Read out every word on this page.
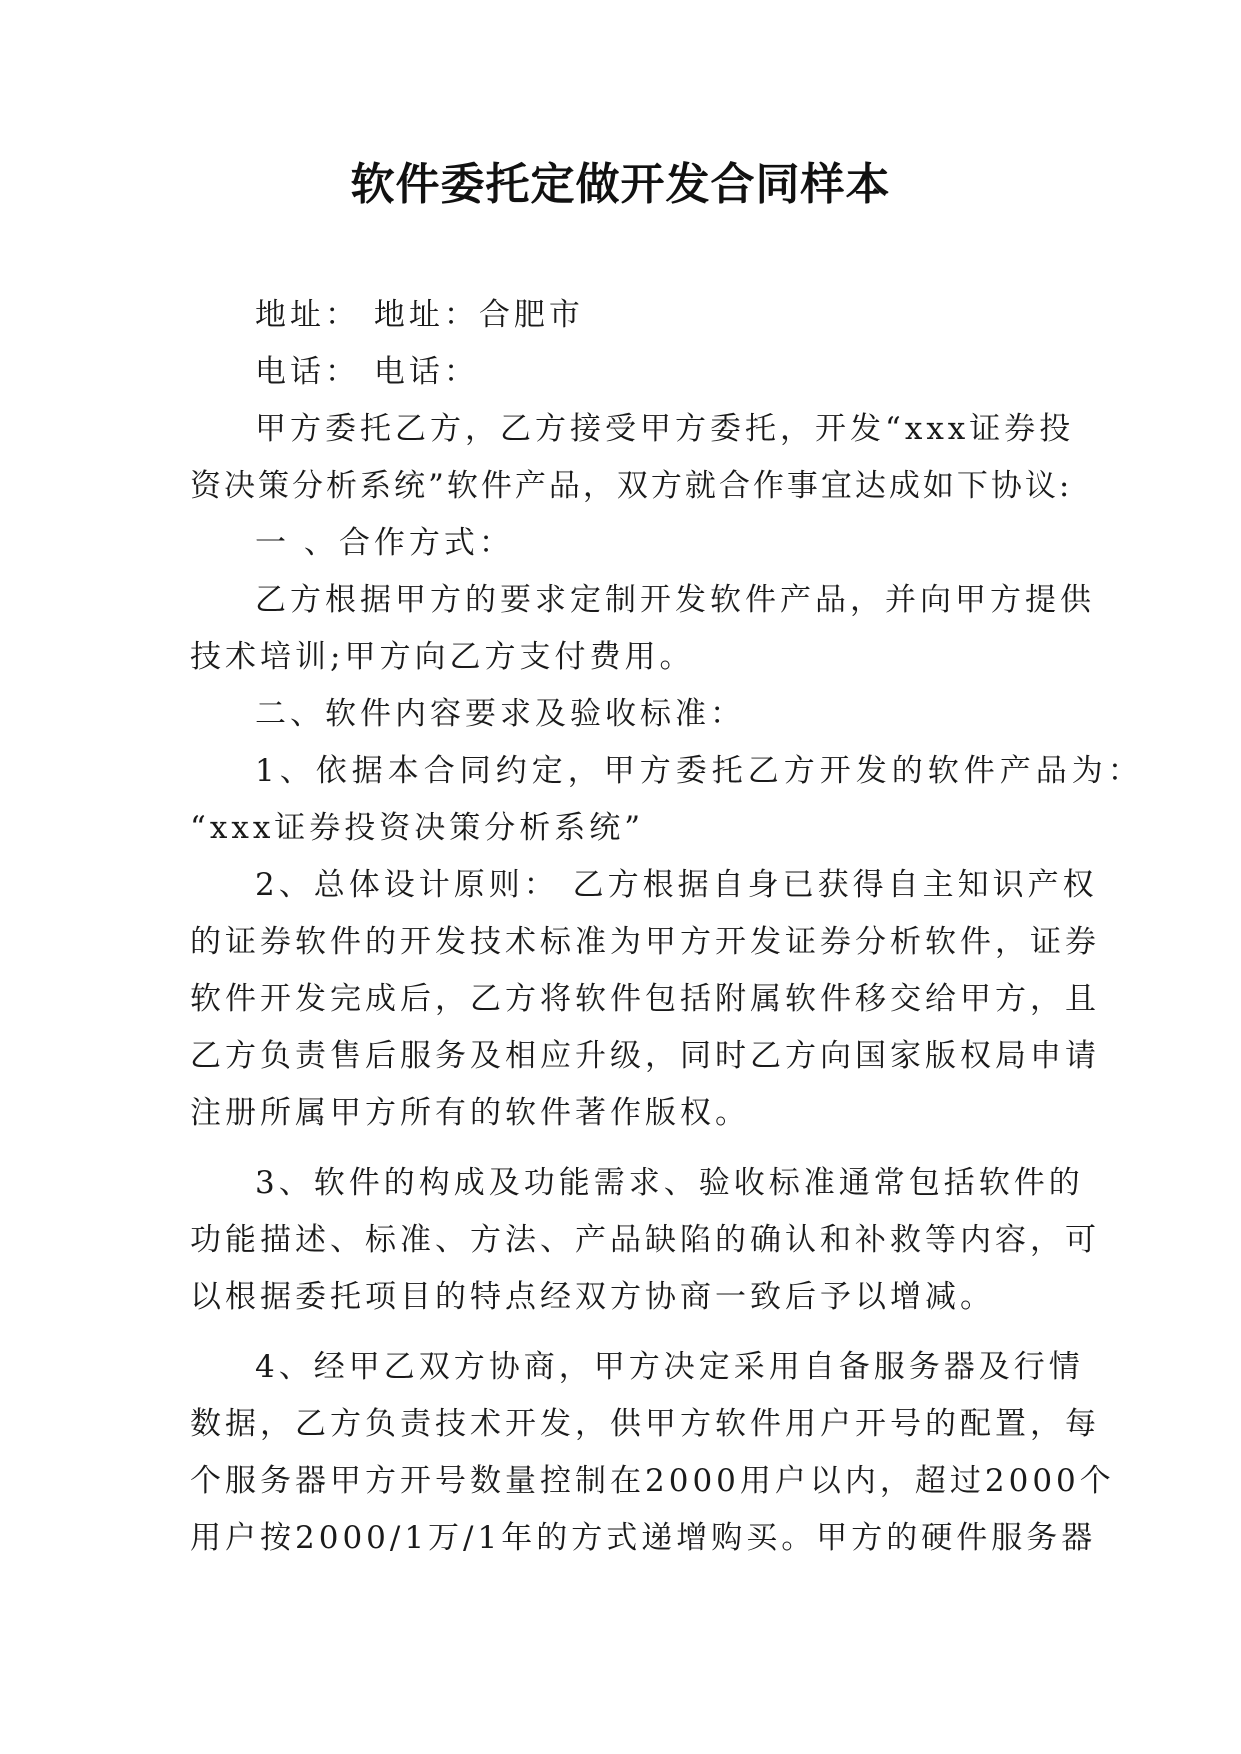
软件委托定做开发合同样本
地址： 地址：合肥市
电话： 电话：
甲方委托乙方，乙方接受甲方委托，开发“xxx证券投
资决策分析系统”软件产品，双方就合作事宜达成如下协议:
一 、合作方式：
乙方根据甲方的要求定制开发软件产品，并向甲方提供
技术培训;甲方向乙方支付费用。
二、软件内容要求及验收标准：
1、依据本合同约定，甲方委托乙方开发的软件产品为：
“xxx证券投资决策分析系统”
2、总体设计原则： 乙方根据自身已获得自主知识产权
的证券软件的开发技术标准为甲方开发证券分析软件，证券
软件开发完成后，乙方将软件包括附属软件移交给甲方，且
乙方负责售后服务及相应升级，同时乙方向国家版权局申请
注册所属甲方所有的软件著作版权。
3、软件的构成及功能需求、验收标准通常包括软件的
功能描述、标准、方法、产品缺陷的确认和补救等内容，可
以根据委托项目的特点经双方协商一致后予以增减。
4、经甲乙双方协商，甲方决定采用自备服务器及行情
数据，乙方负责技术开发，供甲方软件用户开号的配置，每
个服务器甲方开号数量控制在2000用户以内，超过2000个
用户按2000/1万/1年的方式递增购买。甲方的硬件服务器
